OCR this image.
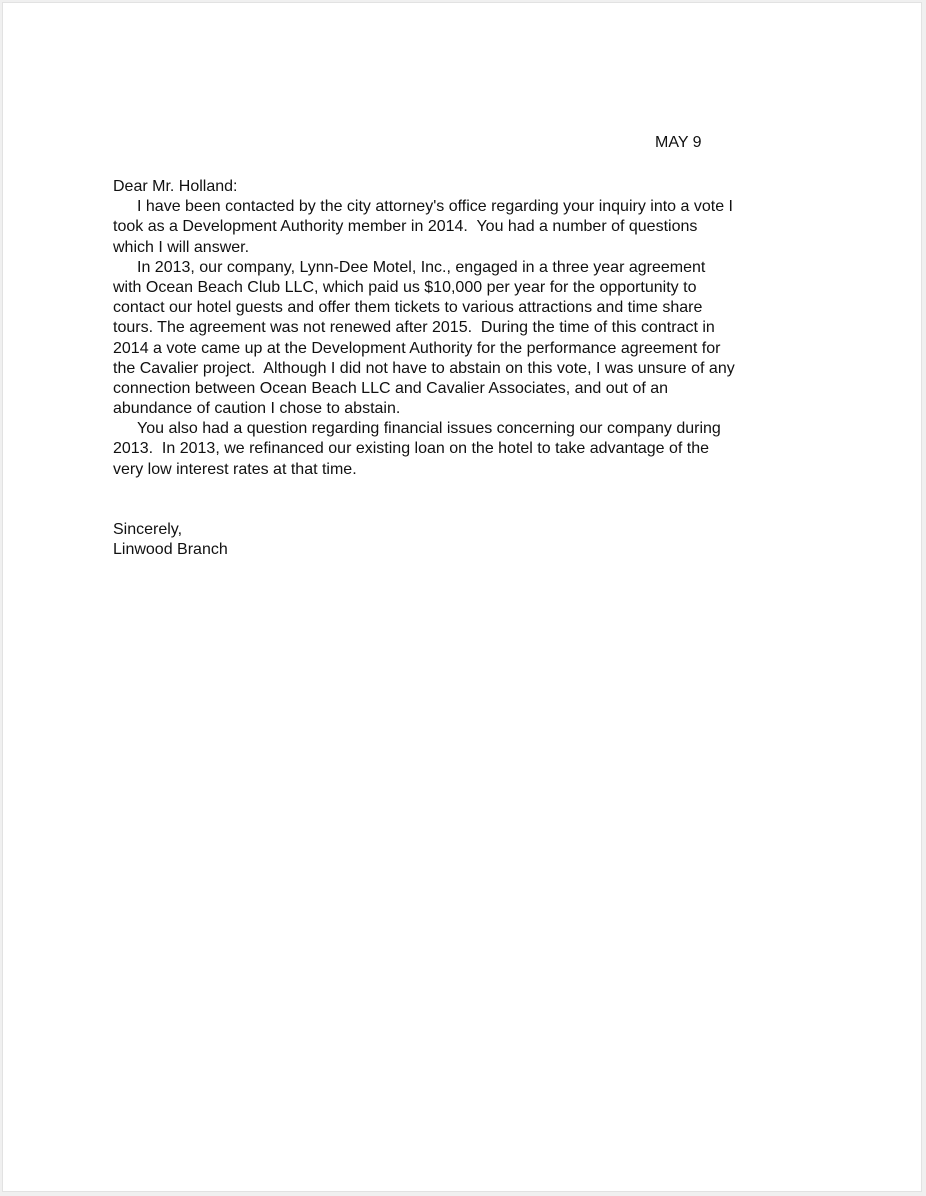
MAY 9
Dear Mr. Holland:
I have been contacted by the city attorney's office regarding your inquiry into a vote I
took as a Development Authority member in 2014.  You had a number of questions
which I will answer.
In 2013, our company, Lynn-Dee Motel, Inc., engaged in a three year agreement
with Ocean Beach Club LLC, which paid us $10,000 per year for the opportunity to
contact our hotel guests and offer them tickets to various attractions and time share
tours. The agreement was not renewed after 2015.  During the time of this contract in
2014 a vote came up at the Development Authority for the performance agreement for
the Cavalier project.  Although I did not have to abstain on this vote, I was unsure of any
connection between Ocean Beach LLC and Cavalier Associates, and out of an
abundance of caution I chose to abstain.
You also had a question regarding financial issues concerning our company during
2013.  In 2013, we refinanced our existing loan on the hotel to take advantage of the
very low interest rates at that time.
Sincerely,
Linwood Branch
